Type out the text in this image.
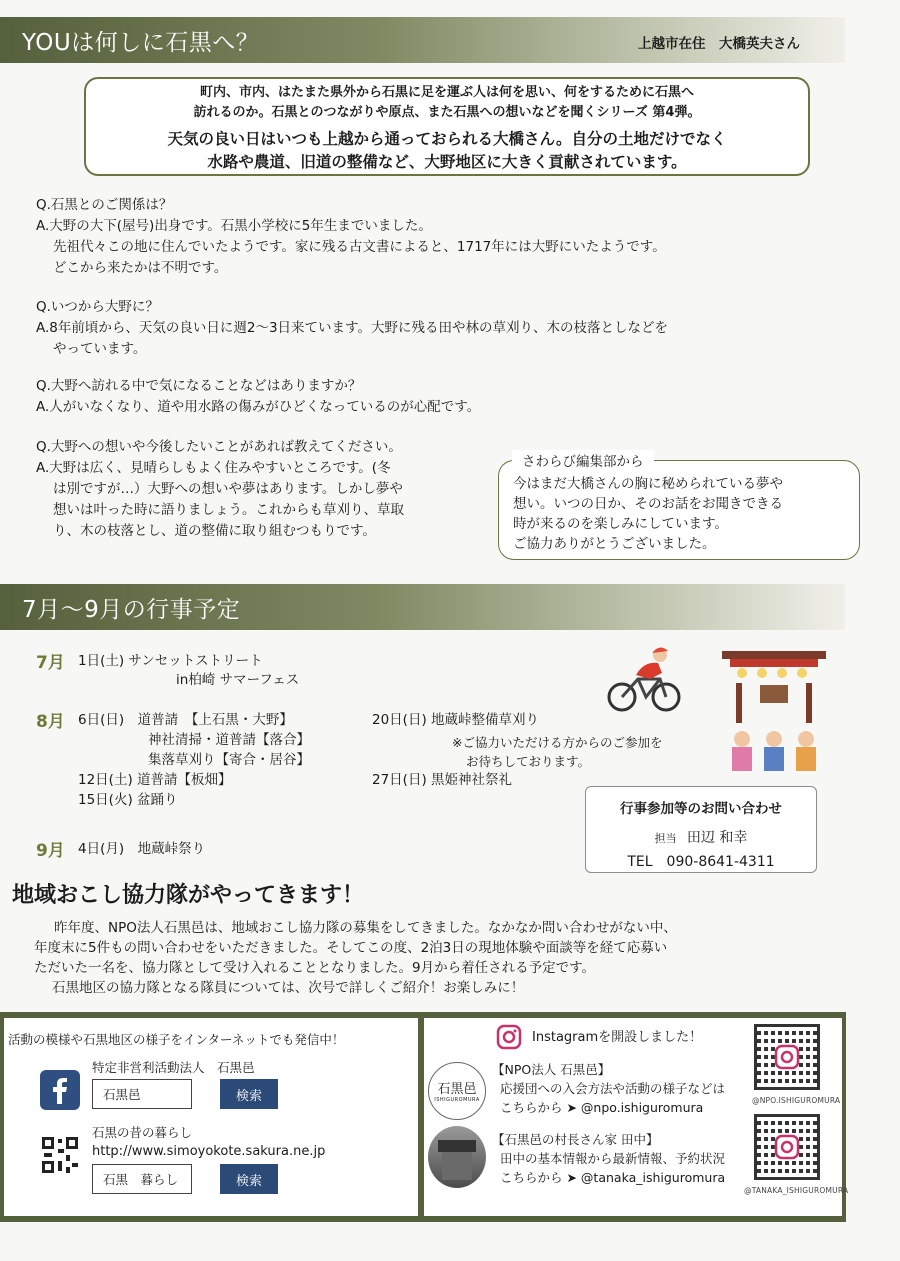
YOUは何しに石黒へ？	上越市在住　大橋英夫さん
町内、市内、はたまた県外から石黒に足を運ぶ人は何を思い、何をするために石黒へ
訪れるのか。石黒とのつながりや原点、また石黒への想いなどを聞くシリーズ 第4弾。
天気の良い日はいつも上越から通っておられる大橋さん。自分の土地だけでなく
水路や農道、旧道の整備など、大野地区に大きく貢献されています。
Q.石黒とのご関係は？
A.大野の大下(屋号)出身です。石黒小学校に5年生までいました。
先祖代々この地に住んでいたようです。家に残る古文書によると、1717年には大野にいたようです。
どこから来たかは不明です。
Q.いつから大野に？
A.8年前頃から、天気の良い日に週2～3日来ています。大野に残る田や林の草刈り、木の枝落としなどを
やっています。
Q.大野へ訪れる中で気になることなどはありますか？
A.人がいなくなり、道や用水路の傷みがひどくなっているのが心配です。
Q.大野への想いや今後したいことがあれば教えてください。
A.大野は広く、見晴らしもよく住みやすいところです。(冬
は別ですが…）大野への想いや夢はあります。しかし夢や
想いは叶った時に語りましょう。これからも草刈り、草取
り、木の枝落とし、道の整備に取り組むつもりです。
今はまだ大橋さんの胸に秘められている夢や
想い。いつの日か、そのお話をお聞きできる
時が来るのを楽しみにしています。
ご協力ありがとうございました。
さわらび編集部から
7月～9月の行事予定
7月 1日(土) サンセットストリート
in柏崎 サマーフェス
8月 6日(日)　道普請　【上石黒・大野】
神社清掃・道普請【落合】
集落草刈り【寄合・居谷】
12日(土) 道普請【板畑】
15日(火) 盆踊り
20日(日) 地蔵峠整備草刈り
※ご協力いただける方からのご参加を
お待ちしております。
27日(日) 黒姫神社祭礼
9月 4日(月)　地蔵峠祭り
行事参加等のお問い合わせ
担当 田辺 和幸
TEL　090-8641-4311
地域おこし協力隊がやってきます！
昨年度、NPO法人石黒邑は、地域おこし協力隊の募集をしてきました。なかなか問い合わせがない中、
年度末に5件もの問い合わせをいただきました。そしてこの度、2泊3日の現地体験や面談等を経て応募い
ただいた一名を、協力隊として受け入れることとなりました。9月から着任される予定です。
石黒地区の協力隊となる隊員については、次号で詳しくご紹介！お楽しみに！
活動の模様や石黒地区の様子をインターネットでも発信中！
特定非営利活動法人　石黒邑
石黒邑	検索
石黒の昔の暮らし
http://www.simoyokote.sakura.ne.jp
石黒　暮らし	検索
Instagramを開設しました！
石黒邑
ISHIGUROMURA
【NPO法人 石黒邑】
応援団への入会方法や活動の様子などは
こちらから ➤ @npo.ishiguromura
【石黒邑の村長さん家 田中】
田中の基本情報から最新情報、予約状況
こちらから ➤ @tanaka_ishiguromura
@NPO.ISHIGUROMURA
@TANAKA_ISHIGUROMURA
